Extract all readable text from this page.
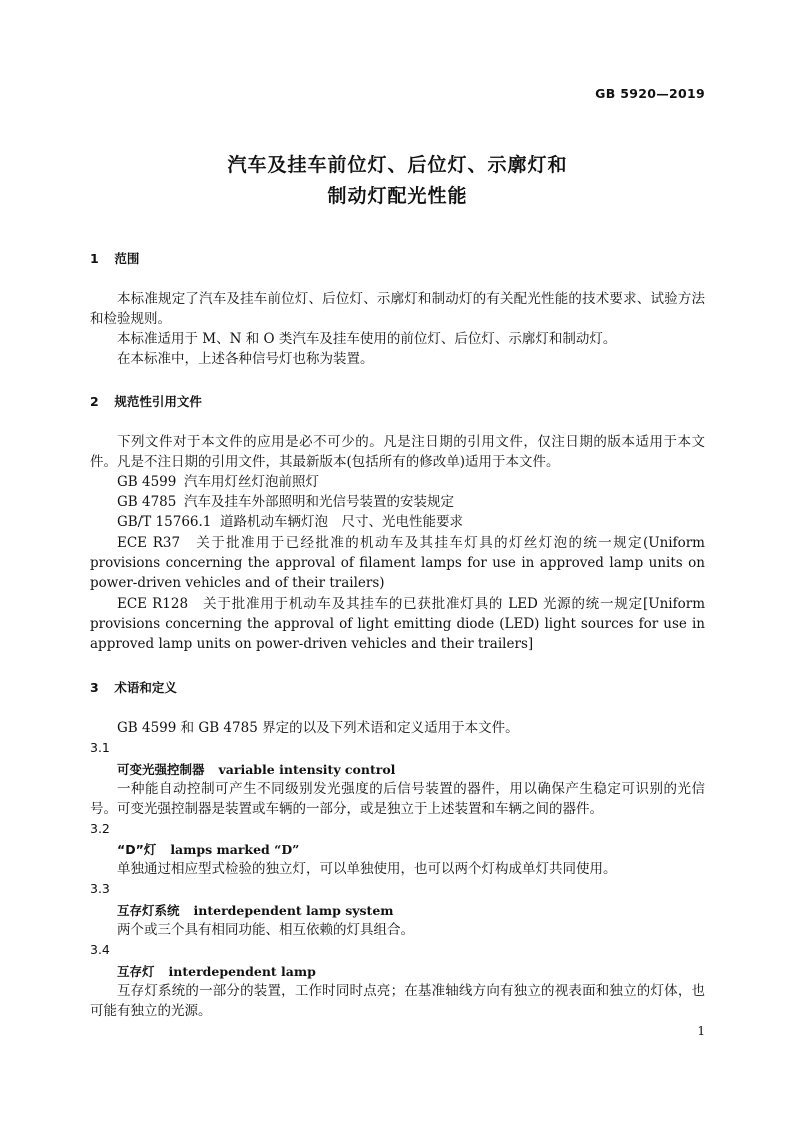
GB 5920—2019
汽车及挂车前位灯、后位灯、示廓灯和
制动灯配光性能
1 范围
本标准规定了汽车及挂车前位灯、后位灯、示廓灯和制动灯的有关配光性能的技术要求、试验方法和检验规则。
本标准适用于 M、N 和 O 类汽车及挂车使用的前位灯、后位灯、示廓灯和制动灯。
在本标准中，上述各种信号灯也称为装置。
2 规范性引用文件
下列文件对于本文件的应用是必不可少的。凡是注日期的引用文件，仅注日期的版本适用于本文件。凡是不注日期的引用文件，其最新版本(包括所有的修改单)适用于本文件。
GB 4599 汽车用灯丝灯泡前照灯
GB 4785 汽车及挂车外部照明和光信号装置的安装规定
GB/T 15766.1 道路机动车辆灯泡　尺寸、光电性能要求
ECE R37　关于批准用于已经批准的机动车及其挂车灯具的灯丝灯泡的统一规定(Uniform provisions concerning the approval of filament lamps for use in approved lamp units on power-driven vehicles and of their trailers)
ECE R128　关于批准用于机动车及其挂车的已获批准灯具的 LED 光源的统一规定[Uniform provisions concerning the approval of light emitting diode (LED) light sources for use in approved lamp units on power-driven vehicles and their trailers]
3 术语和定义
GB 4599 和 GB 4785 界定的以及下列术语和定义适用于本文件。
3.1
可变光强控制器 variable intensity control
一种能自动控制可产生不同级别发光强度的后信号装置的器件，用以确保产生稳定可识别的光信号。可变光强控制器是装置或车辆的一部分，或是独立于上述装置和车辆之间的器件。
3.2
“D”灯 lamps marked “D”
单独通过相应型式检验的独立灯，可以单独使用，也可以两个灯构成单灯共同使用。
3.3
互存灯系统 interdependent lamp system
两个或三个具有相同功能、相互依赖的灯具组合。
3.4
互存灯 interdependent lamp
互存灯系统的一部分的装置，工作时同时点亮；在基准轴线方向有独立的视表面和独立的灯体，也可能有独立的光源。
1
